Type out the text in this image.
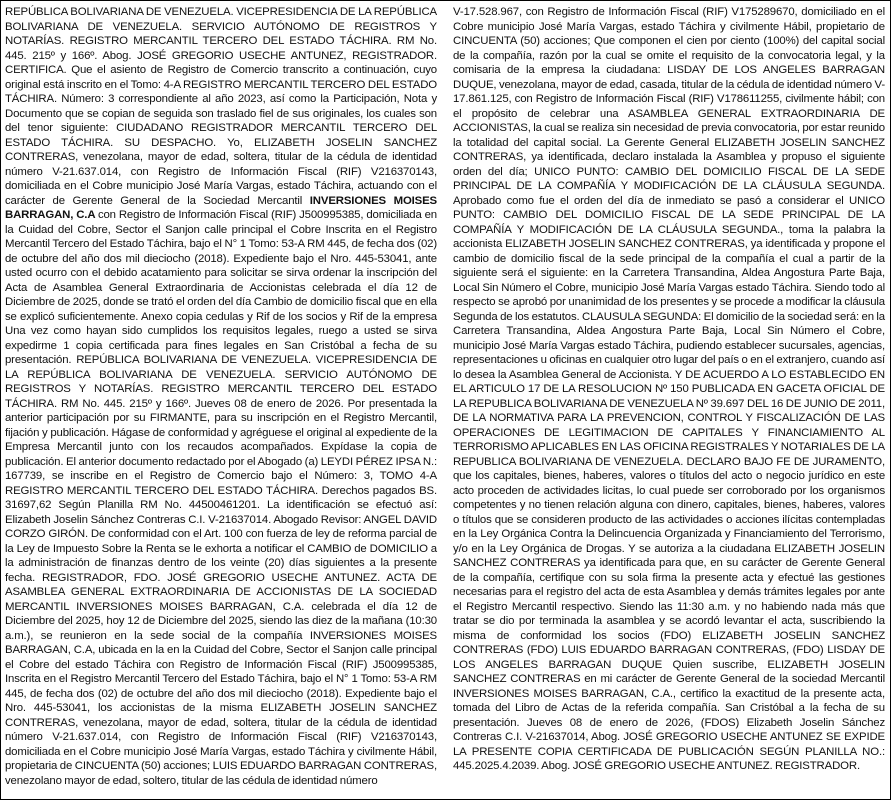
REPÚBLICA BOLIVARIANA DE VENEZUELA. VICEPRESIDENCIA DE LA REPÚBLICA BOLIVARIANA DE VENEZUELA. SERVICIO AUTÓNOMO DE REGISTROS Y NOTARÍAS. REGISTRO MERCANTIL TERCERO DEL ESTADO TÁCHIRA. RM No. 445. 215º y 166º. Abog. JOSÉ GREGORIO USECHE ANTUNEZ, REGISTRADOR. CERTIFICA. Que el asiento de Registro de Comercio transcrito a continuación, cuyo original está inscrito en el Tomo: 4-A REGISTRO MERCANTIL TERCERO DEL ESTADO TÁCHIRA. Número: 3 correspondiente al año 2023, así como la Participación, Nota y Documento que se copian de seguida son traslado fiel de sus originales, los cuales son del tenor siguiente: CIUDADANO REGISTRADOR MERCANTIL TERCERO DEL ESTADO TÁCHIRA. SU DESPACHO. Yo, ELIZABETH JOSELIN SANCHEZ CONTRERAS, venezolana, mayor de edad, soltera, titular de la cédula de identidad número V-21.637.014, con Registro de Información Fiscal (RIF) V216370143, domiciliada en el Cobre municipio José María Vargas, estado Táchira, actuando con el carácter de Gerente General de la Sociedad Mercantil INVERSIONES MOISES BARRAGAN, C.A con Registro de Información Fiscal (RIF) J500995385, domiciliada en la Cuidad del Cobre, Sector el Sanjon calle principal el Cobre Inscrita en el Registro Mercantil Tercero del Estado Táchira, bajo el N° 1 Tomo: 53-A RM 445, de fecha dos (02) de octubre del año dos mil dieciocho (2018). Expediente bajo el Nro. 445-53041, ante usted ocurro con el debido acatamiento para solicitar se sirva ordenar la inscripción del Acta de Asamblea General Extraordinaria de Accionistas celebrada el día 12 de Diciembre de 2025, donde se trató el orden del día Cambio de domicilio fiscal que en ella se explicó suficientemente. Anexo copia cedulas y Rif de los socios y Rif de la empresa Una vez como hayan sido cumplidos los requisitos legales, ruego a usted se sirva expedirme 1 copia certificada para fines legales en San Cristóbal a fecha de su presentación. REPÚBLICA BOLIVARIANA DE VENEZUELA. VICEPRESIDENCIA DE LA REPÚBLICA BOLIVARIANA DE VENEZUELA. SERVICIO AUTÓNOMO DE REGISTROS Y NOTARÍAS. REGISTRO MERCANTIL TERCERO DEL ESTADO TÁCHIRA. RM No. 445. 215º y 166º. Jueves 08 de enero de 2026. Por presentada la anterior participación por su FIRMANTE, para su inscripción en el Registro Mercantil, fijación y publicación. Hágase de conformidad y agréguese el original al expediente de la Empresa Mercantil junto con los recaudos acompañados. Expídase la copia de publicación. El anterior documento redactado por el Abogado (a) LEYDI PÉREZ IPSA N.: 167739, se inscribe en el Registro de Comercio bajo el Número: 3, TOMO 4-A REGISTRO MERCANTIL TERCERO DEL ESTADO TÁCHIRA. Derechos pagados BS. 31697,62 Según Planilla RM No. 44500461201. La identificación se efectuó así: Elizabeth Joselin Sánchez Contreras C.I. V-21637014. Abogado Revisor: ANGEL DAVID CORZO GIRÓN. De conformidad con el Art. 100 con fuerza de ley de reforma parcial de la Ley de Impuesto Sobre la Renta se le exhorta a notificar el CAMBIO de DOMICILIO a la administración de finanzas dentro de los veinte (20) días siguientes a la presente fecha. REGISTRADOR, FDO. JOSÉ GREGORIO USECHE ANTUNEZ. ACTA DE ASAMBLEA GENERAL EXTRAORDINARIA DE ACCIONISTAS DE LA SOCIEDAD MERCANTIL INVERSIONES MOISES BARRAGAN, C.A. celebrada el día 12 de Diciembre del 2025, hoy 12 de Diciembre del 2025, siendo las diez de la mañana (10:30 a.m.), se reunieron en la sede social de la compañía INVERSIONES MOISES BARRAGAN, C.A, ubicada en la en la Cuidad del Cobre, Sector el Sanjon calle principal el Cobre del estado Táchira con Registro de Información Fiscal (RIF) J500995385, Inscrita en el Registro Mercantil Tercero del Estado Táchira, bajo el N° 1 Tomo: 53-A RM 445, de fecha dos (02) de octubre del año dos mil dieciocho (2018). Expediente bajo el Nro. 445-53041, los accionistas de la misma ELIZABETH JOSELIN SANCHEZ CONTRERAS, venezolana, mayor de edad, soltera, titular de la cédula de identidad número V-21.637.014, con Registro de Información Fiscal (RIF) V216370143, domiciliada en el Cobre municipio José María Vargas, estado Táchira y civilmente Hábil, propietaria de CINCUENTA (50) acciones; LUIS EDUARDO BARRAGAN CONTRERAS, venezolano mayor de edad, soltero, titular de las cédula de identidad número
V-17.528.967, con Registro de Información Fiscal (RIF) V175289670, domiciliado en el Cobre municipio José María Vargas, estado Táchira y civilmente Hábil, propietario de CINCUENTA (50) acciones; Que componen el cien por ciento (100%) del capital social de la compañía, razón por la cual se omite el requisito de la convocatoria legal, y la comisaria de la empresa la ciudadana: LISDAY DE LOS ANGELES BARRAGAN DUQUE, venezolana, mayor de edad, casada, titular de la cédula de identidad número V-17.861.125, con Registro de Información Fiscal (RIF) V178611255, civilmente hábil; con el propósito de celebrar una ASAMBLEA GENERAL EXTRAORDINARIA DE ACCIONISTAS, la cual se realiza sin necesidad de previa convocatoria, por estar reunido la totalidad del capital social. La Gerente General ELIZABETH JOSELIN SANCHEZ CONTRERAS, ya identificada, declaro instalada la Asamblea y propuso el siguiente orden del día; UNICO PUNTO: CAMBIO DEL DOMICILIO FISCAL DE LA SEDE PRINCIPAL DE LA COMPAÑÍA Y MODIFICACIÓN DE LA CLÁUSULA SEGUNDA. Aprobado como fue el orden del día de inmediato se pasó a considerar el UNICO PUNTO: CAMBIO DEL DOMICILIO FISCAL DE LA SEDE PRINCIPAL DE LA COMPAÑÍA Y MODIFICACIÓN DE LA CLÁUSULA SEGUNDA., toma la palabra la accionista ELIZABETH JOSELIN SANCHEZ CONTRERAS, ya identificada y propone el cambio de domicilio fiscal de la sede principal de la compañía el cual a partir de la siguiente será el siguiente: en la Carretera Transandina, Aldea Angostura Parte Baja, Local Sin Número el Cobre, municipio José María Vargas estado Táchira. Siendo todo al respecto se aprobó por unanimidad de los presentes y se procede a modificar la cláusula Segunda de los estatutos. CLAUSULA SEGUNDA: El domicilio de la sociedad será: en la Carretera Transandina, Aldea Angostura Parte Baja, Local Sin Número el Cobre, municipio José María Vargas estado Táchira, pudiendo establecer sucursales, agencias, representaciones u oficinas en cualquier otro lugar del país o en el extranjero, cuando así lo desea la Asamblea General de Accionista. Y DE ACUERDO A LO ESTABLECIDO EN EL ARTICULO 17 DE LA RESOLUCION Nº 150 PUBLICADA EN GACETA OFICIAL DE LA REPUBLICA BOLIVARIANA DE VENEZUELA Nº 39.697 DEL 16 DE JUNIO DE 2011, DE LA NORMATIVA PARA LA PREVENCION, CONTROL Y FISCALIZACIÓN DE LAS OPERACIONES DE LEGITIMACION DE CAPITALES Y FINANCIAMIENTO AL TERRORISMO APLICABLES EN LAS OFICINA REGISTRALES Y NOTARIALES DE LA REPUBLICA BOLIVARIANA DE VENEZUELA. DECLARO BAJO FE DE JURAMENTO, que los capitales, bienes, haberes, valores o títulos del acto o negocio jurídico en este acto proceden de actividades licitas, lo cual puede ser corroborado por los organismos competentes y no tienen relación alguna con dinero, capitales, bienes, haberes, valores o títulos que se consideren producto de las actividades o acciones ilícitas contempladas en la Ley Orgánica Contra la Delincuencia Organizada y Financiamiento del Terrorismo, y/o en la Ley Orgánica de Drogas. Y se autoriza a la ciudadana ELIZABETH JOSELIN SANCHEZ CONTRERAS ya identificada para que, en su carácter de Gerente General de la compañía, certifique con su sola firma la presente acta y efectué las gestiones necesarias para el registro del acta de esta Asamblea y demás trámites legales por ante el Registro Mercantil respectivo. Siendo las 11:30 a.m. y no habiendo nada más que tratar se dio por terminada la asamblea y se acordó levantar el acta, suscribiendo la misma de conformidad los socios (FDO) ELIZABETH JOSELIN SANCHEZ CONTRERAS (FDO) LUIS EDUARDO BARRAGAN CONTRERAS, (FDO) LISDAY DE LOS ANGELES BARRAGAN DUQUE Quien suscribe, ELIZABETH JOSELIN SANCHEZ CONTRERAS en mi carácter de Gerente General de la sociedad Mercantil INVERSIONES MOISES BARRAGAN, C.A., certifico la exactitud de la presente acta, tomada del Libro de Actas de la referida compañía. San Cristóbal a la fecha de su presentación. Jueves 08 de enero de 2026, (FDOS) Elizabeth Joselin Sánchez Contreras C.I. V-21637014, Abog. JOSÉ GREGORIO USECHE ANTUNEZ SE EXPIDE LA PRESENTE COPIA CERTIFICADA DE PUBLICACIÓN SEGÚN PLANILLA NO.: 445.2025.4.2039. Abog. JOSÉ GREGORIO USECHE ANTUNEZ. REGISTRADOR.
